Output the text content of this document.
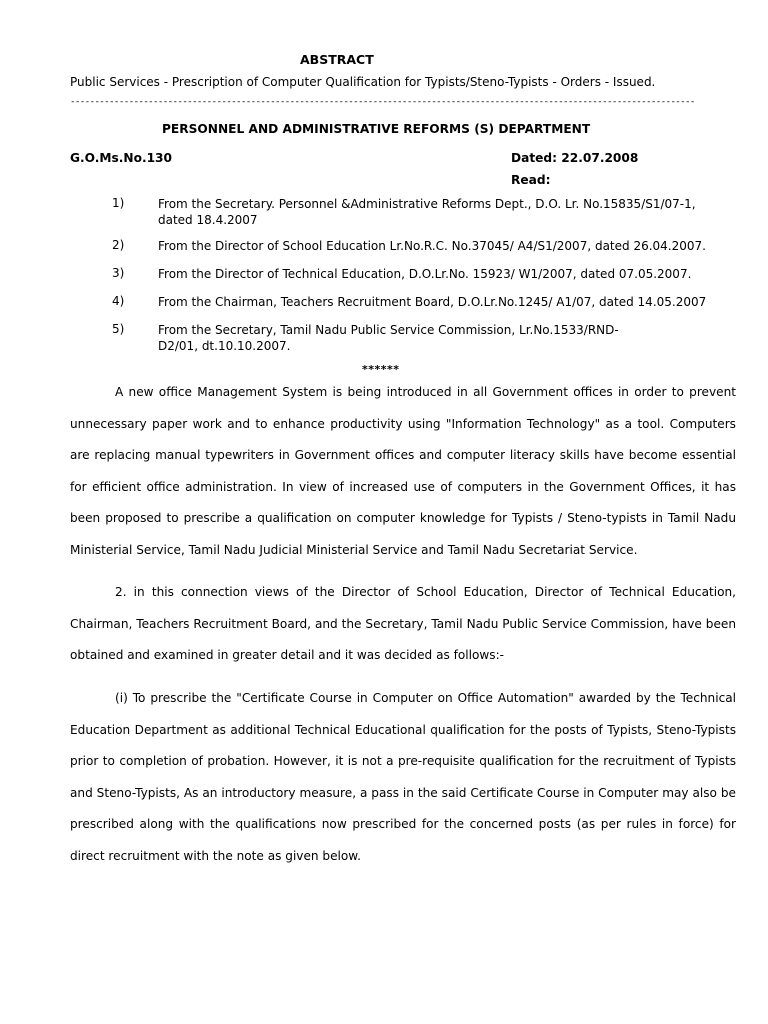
ABSTRACT
Public Services - Prescription of Computer Qualification for Typists/Steno-Typists - Orders - Issued.
--------------------------------------------------------------------------------------------------------------------------------
PERSONNEL AND ADMINISTRATIVE REFORMS (S) DEPARTMENT
G.O.Ms.No.130	Dated: 22.07.2008
Read:
1)	From the Secretary. Personnel &Administrative Reforms Dept., D.O. Lr. No.15835/S1/07-1, dated 18.4.2007
2)	From the Director of School Education Lr.No.R.C. No.37045/ A4/S1/2007, dated 26.04.2007.
3)	From the Director of Technical Education, D.O.Lr.No. 15923/ W1/2007, dated 07.05.2007.
4)	From the Chairman, Teachers Recruitment Board, D.O.Lr.No.1245/ A1/07, dated 14.05.2007
5)	From the Secretary, Tamil Nadu Public Service Commission, Lr.No.1533/RND-D2/01, dt.10.10.2007.
******
A new office Management System is being introduced in all Government offices in order to prevent unnecessary paper work and to enhance productivity using "Information Technology" as a tool. Computers are replacing manual typewriters in Government offices and computer literacy skills have become essential for efficient office administration. In view of increased use of computers in the Government Offices, it has been proposed to prescribe a qualification on computer knowledge for Typists / Steno-typists in Tamil Nadu Ministerial Service, Tamil Nadu Judicial Ministerial Service and Tamil Nadu Secretariat Service.
2. in this connection views of the Director of School Education, Director of Technical Education, Chairman, Teachers Recruitment Board, and the Secretary, Tamil Nadu Public Service Commission, have been obtained and examined in greater detail and it was decided as follows:-
(i) To prescribe the "Certificate Course in Computer on Office Automation" awarded by the Technical Education Department as additional Technical Educational qualification for the posts of Typists, Steno-Typists prior to completion of probation. However, it is not a pre-requisite qualification for the recruitment of Typists and Steno-Typists, As an introductory measure, a pass in the said Certificate Course in Computer may also be prescribed along with the qualifications now prescribed for the concerned posts (as per rules in force) for direct recruitment with the note as given below.
